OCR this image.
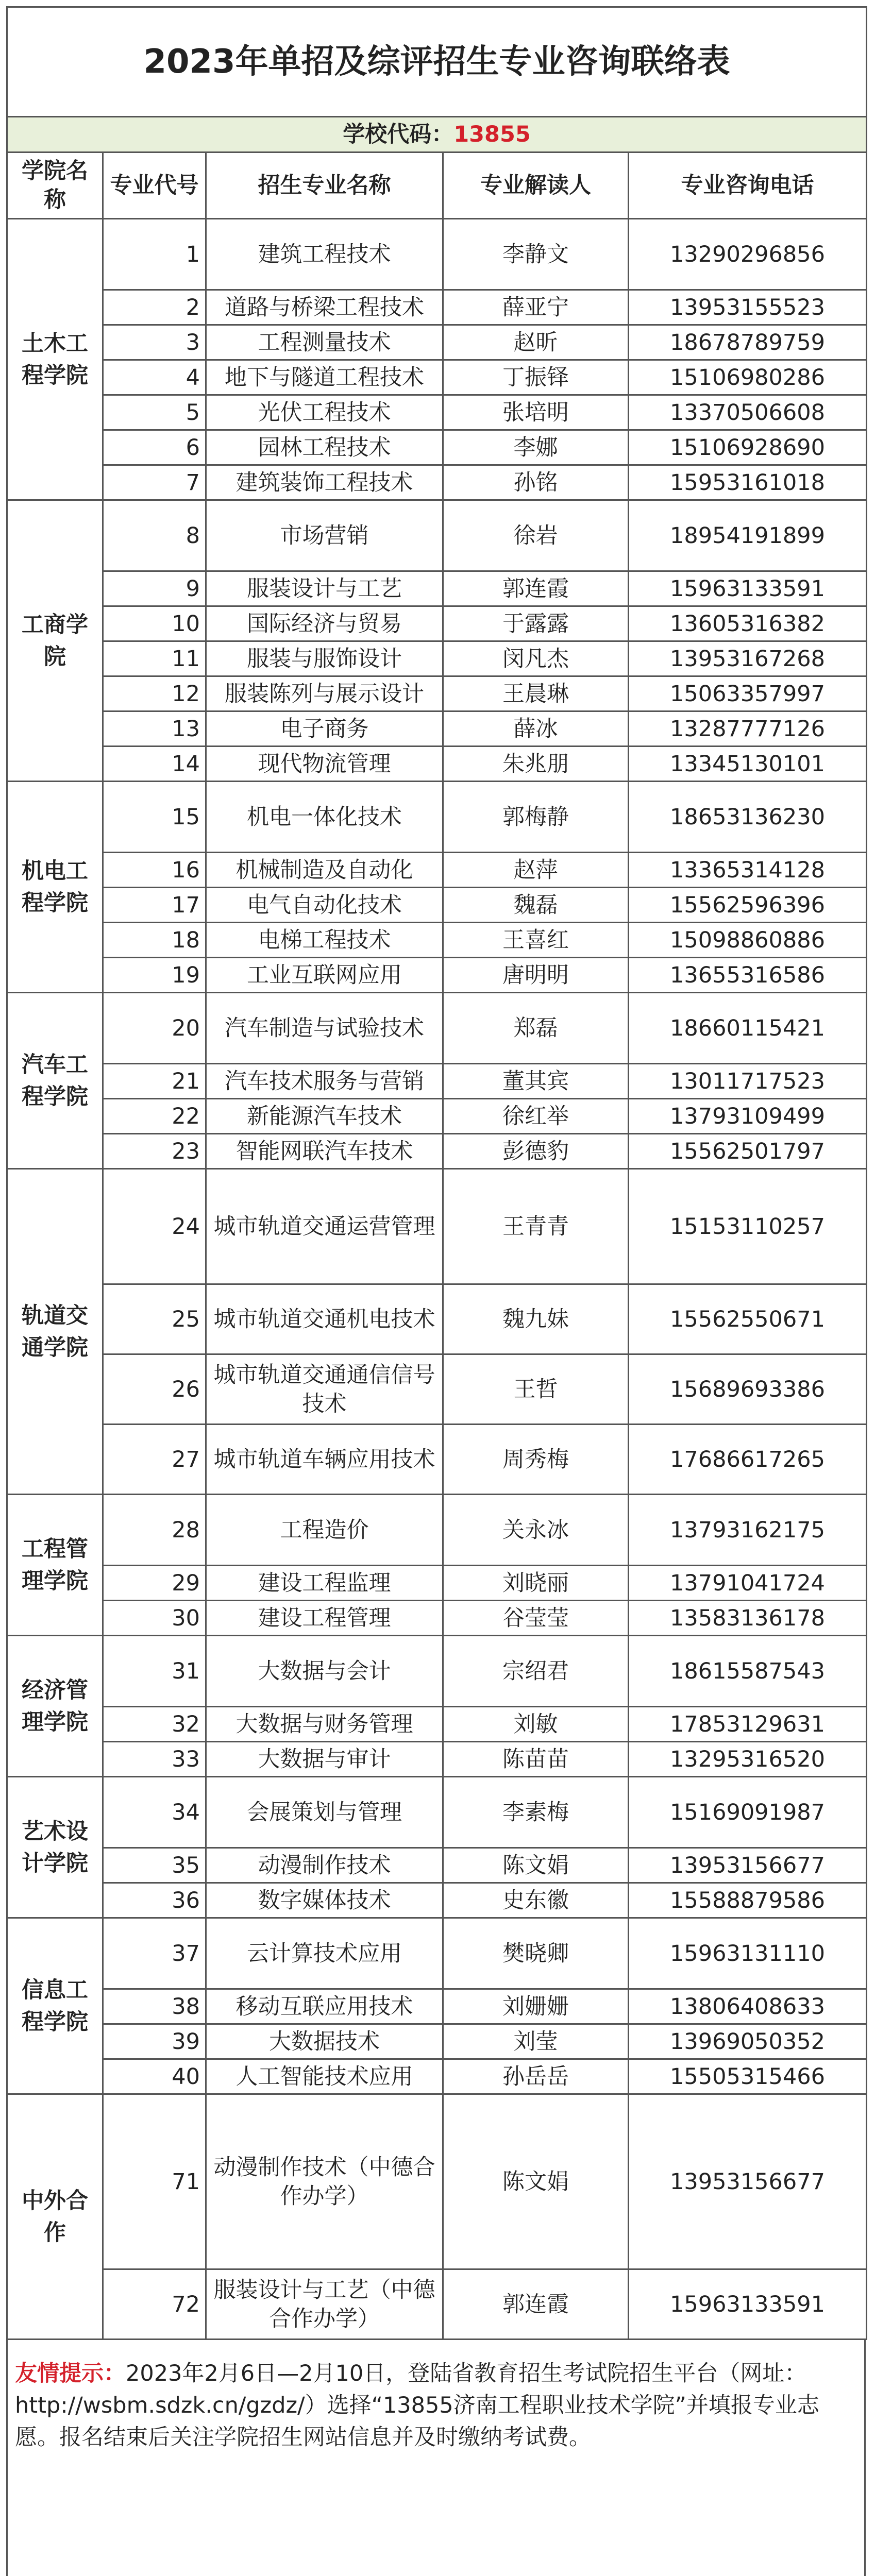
2023年单招及综评招生专业咨询联络表				
学校代码：13855				
学院名称	专业代号	招生专业名称	专业解读人	专业咨询电话
土木工程学院	1	建筑工程技术	李静文	13290296856
	2	道路与桥梁工程技术	薛亚宁	13953155523
	3	工程测量技术	赵昕	18678789759
	4	地下与隧道工程技术	丁振铎	15106980286
	5	光伏工程技术	张培明	13370506608
	6	园林工程技术	李娜	15106928690
	7	建筑装饰工程技术	孙铭	15953161018
工商学院	8	市场营销	徐岩	18954191899
	9	服装设计与工艺	郭连霞	15963133591
	10	国际经济与贸易	于露露	13605316382
	11	服装与服饰设计	闵凡杰	13953167268
	12	服装陈列与展示设计	王晨琳	15063357997
	13	电子商务	薛冰	13287777126
	14	现代物流管理	朱兆朋	13345130101
机电工程学院	15	机电一体化技术	郭梅静	18653136230
	16	机械制造及自动化	赵萍	13365314128
	17	电气自动化技术	魏磊	15562596396
	18	电梯工程技术	王喜红	15098860886
	19	工业互联网应用	唐明明	13655316586
汽车工程学院	20	汽车制造与试验技术	郑磊	18660115421
	21	汽车技术服务与营销	董其宾	13011717523
	22	新能源汽车技术	徐红举	13793109499
	23	智能网联汽车技术	彭德豹	15562501797
轨道交通学院	24	城市轨道交通运营管理	王青青	15153110257
	25	城市轨道交通机电技术	魏九妹	15562550671
	26	城市轨道交通通信信号技术	王哲	15689693386
	27	城市轨道车辆应用技术	周秀梅	17686617265
工程管理学院	28	工程造价	关永冰	13793162175
	29	建设工程监理	刘晓丽	13791041724
	30	建设工程管理	谷莹莹	13583136178
经济管理学院	31	大数据与会计	宗绍君	18615587543
	32	大数据与财务管理	刘敏	17853129631
	33	大数据与审计	陈苗苗	13295316520
艺术设计学院	34	会展策划与管理	李素梅	15169091987
	35	动漫制作技术	陈文娟	13953156677
	36	数字媒体技术	史东徽	15588879586
信息工程学院	37	云计算技术应用	樊晓卿	15963131110
	38	移动互联应用技术	刘姗姗	13806408633
	39	大数据技术	刘莹	13969050352
	40	人工智能技术应用	孙岳岳	15505315466
中外合作	71	动漫制作技术（中德合作办学）	陈文娟	13953156677
	72	服装设计与工艺（中德合作办学）	郭连霞	15963133591
友情提示：2023年2月6日—2月10日，登陆省教育招生考试院招生平台（网址：http://wsbm.sdzk.cn/gzdz/）选择“13855济南工程职业技术学院”并填报专业志愿。报名结束后关注学院招生网站信息并及时缴纳考试费。
